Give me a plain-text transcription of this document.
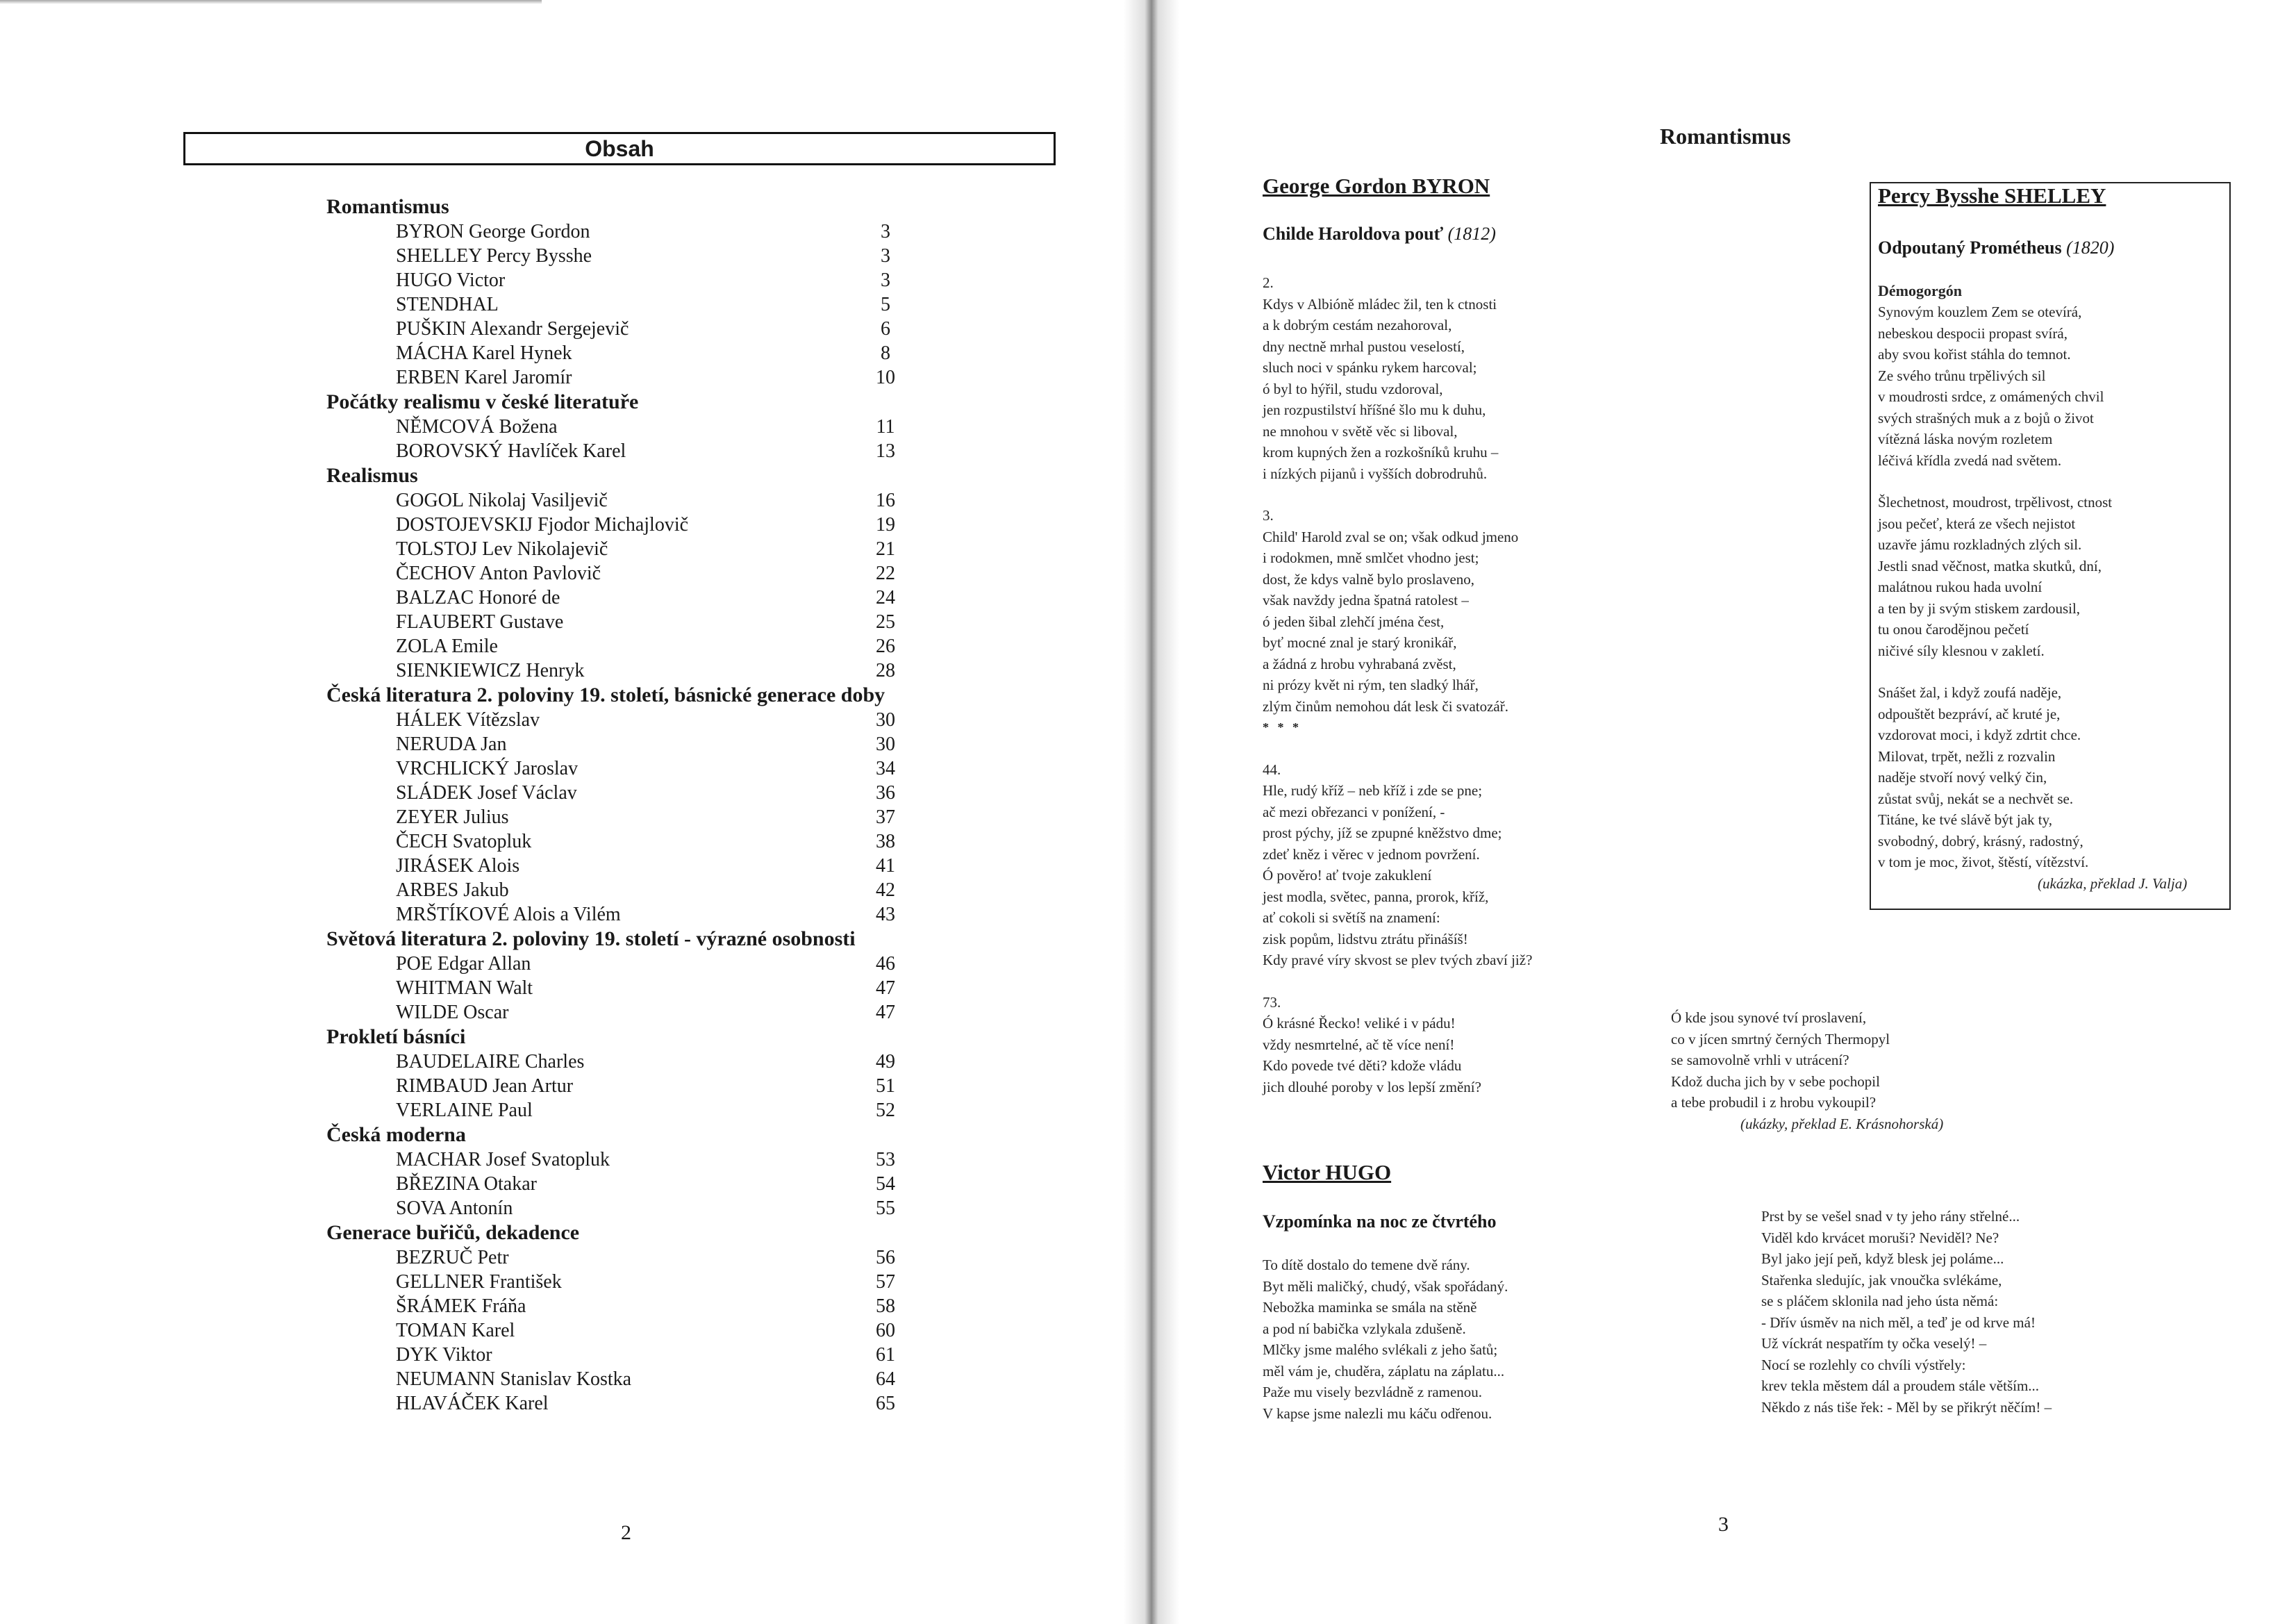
Obsah
Romantismus
BYRON George Gordon	3
SHELLEY Percy Bysshe	3
HUGO Victor	3
STENDHAL	5
PUŠKIN Alexandr Sergejevič	6
MÁCHA Karel Hynek	8
ERBEN Karel Jaromír	10
Počátky realismu v české literatuře
NĚMCOVÁ Božena	11
BOROVSKÝ Havlíček Karel	13
Realismus
GOGOL Nikolaj Vasiljevič	16
DOSTOJEVSKIJ Fjodor Michajlovič	19
TOLSTOJ Lev Nikolajevič	21
ČECHOV Anton Pavlovič	22
BALZAC Honoré de	24
FLAUBERT Gustave	25
ZOLA Emile	26
SIENKIEWICZ Henryk	28
Česká literatura 2. poloviny 19. století, básnické generace doby
HÁLEK Vítězslav	30
NERUDA Jan	30
VRCHLICKÝ Jaroslav	34
SLÁDEK Josef Václav	36
ZEYER Julius	37
ČECH Svatopluk	38
JIRÁSEK Alois	41
ARBES Jakub	42
MRŠTÍKOVÉ Alois a Vilém	43
Světová literatura 2. poloviny 19. století - výrazné osobnosti
POE Edgar Allan	46
WHITMAN Walt	47
WILDE Oscar	47
Prokletí básníci
BAUDELAIRE Charles	49
RIMBAUD Jean Artur	51
VERLAINE Paul	52
Česká moderna
MACHAR Josef Svatopluk	53
BŘEZINA Otakar	54
SOVA Antonín	55
Generace buřičů, dekadence
BEZRUČ Petr	56
GELLNER František	57
ŠRÁMEK Fráňa	58
TOMAN Karel	60
DYK Viktor	61
NEUMANN Stanislav Kostka	64
HLAVÁČEK Karel	65
2
Romantismus
George Gordon BYRON
Childe Haroldova pouť (1812)
2.
Kdys v Albióně mládec žil, ten k ctnosti
a k dobrým cestám nezahoroval,
dny nectně mrhal pustou veselostí,
sluch noci v spánku rykem harcoval;
ó byl to hýřil, studu vzdoroval,
jen rozpustilství hříšné šlo mu k duhu,
ne mnohou v světě věc si liboval,
krom kupných žen a rozkošníků kruhu –
i nízkých pijanů i vyšších dobrodruhů.
3.
Child' Harold zval se on; však odkud jmeno
i rodokmen, mně smlčet vhodno jest;
dost, že kdys valně bylo proslaveno,
však navždy jedna špatná ratolest –
ó jeden šibal zlehčí jména čest,
byť mocné znal je starý kronikář,
a žádná z hrobu vyhrabaná zvěst,
ni prózy květ ni rým, ten sladký lhář,
zlým činům nemohou dát lesk či svatozář.
* * *
44.
Hle, rudý kříž – neb kříž i zde se pne;
ač mezi obřezanci v ponížení, -
prost pýchy, jíž se zpupné kněžstvo dme;
zdeť kněz i věrec v jednom povržení.
Ó pověro! ať tvoje zakuklení
jest modla, světec, panna, prorok, kříž,
ať cokoli si světíš na znamení:
zisk popům, lidstvu ztrátu přinášíš!
Kdy pravé víry skvost se plev tvých zbaví již?
73.
Ó krásné Řecko! veliké i v pádu!
vždy nesmrtelné, ač tě více není!
Kdo povede tvé děti? kdože vládu
jich dlouhé poroby v los lepší změní?
Ó kde jsou synové tví proslavení,
co v jícen smrtný černých Thermopyl
se samovolně vrhli v utrácení?
Kdož ducha jich by v sebe pochopil
a tebe probudil i z hrobu vykoupil?
(ukázky, překlad E. Krásnohorská)
Percy Bysshe SHELLEY
Odpoutaný Prométheus (1820)
Démogorgón
Synovým kouzlem Zem se otevírá,
nebeskou despocii propast svírá,
aby svou kořist stáhla do temnot.
Ze svého trůnu trpělivých sil
v moudrosti srdce, z omámených chvil
svých strašných muk a z bojů o život
vítězná láska novým rozletem
léčivá křídla zvedá nad světem.
Šlechetnost, moudrost, trpělivost, ctnost
jsou pečeť, která ze všech nejistot
uzavře jámu rozkladných zlých sil.
Jestli snad věčnost, matka skutků, dní,
malátnou rukou hada uvolní
a ten by ji svým stiskem zardousil,
tu onou čarodějnou pečetí
ničivé síly klesnou v zakletí.
Snášet žal, i když zoufá naděje,
odpouštět bezpráví, ač kruté je,
vzdorovat moci, i když zdrtit chce.
Milovat, trpět, nežli z rozvalin
naděje stvoří nový velký čin,
zůstat svůj, nekát se a nechvět se.
Titáne, ke tvé slávě být jak ty,
svobodný, dobrý, krásný, radostný,
v tom je moc, život, štěstí, vítězství.
(ukázka, překlad J. Valja)
Victor HUGO
Vzpomínka na noc ze čtvrtého
To dítě dostalo do temene dvě rány.
Byt měli maličký, chudý, však spořádaný.
Nebožka maminka se smála na stěně
a pod ní babička vzlykala zdušeně.
Mlčky jsme malého svlékali z jeho šatů;
měl vám je, chuděra, záplatu na záplatu...
Paže mu visely bezvládně z ramenou.
V kapse jsme nalezli mu káču odřenou.
Prst by se vešel snad v ty jeho rány střelné...
Viděl kdo krvácet moruši? Neviděl? Ne?
Byl jako její peň, když blesk jej poláme...
Stařenka sledujíc, jak vnoučka svlékáme,
se s pláčem sklonila nad jeho ústa němá:
- Dřív úsměv na nich měl, a teď je od krve má!
Už víckrát nespatřím ty očka veselý! –
Nocí se rozlehly co chvíli výstřely:
krev tekla městem dál a proudem stále větším...
Někdo z nás tiše řek: - Měl by se přikrýt něčím! –
3
